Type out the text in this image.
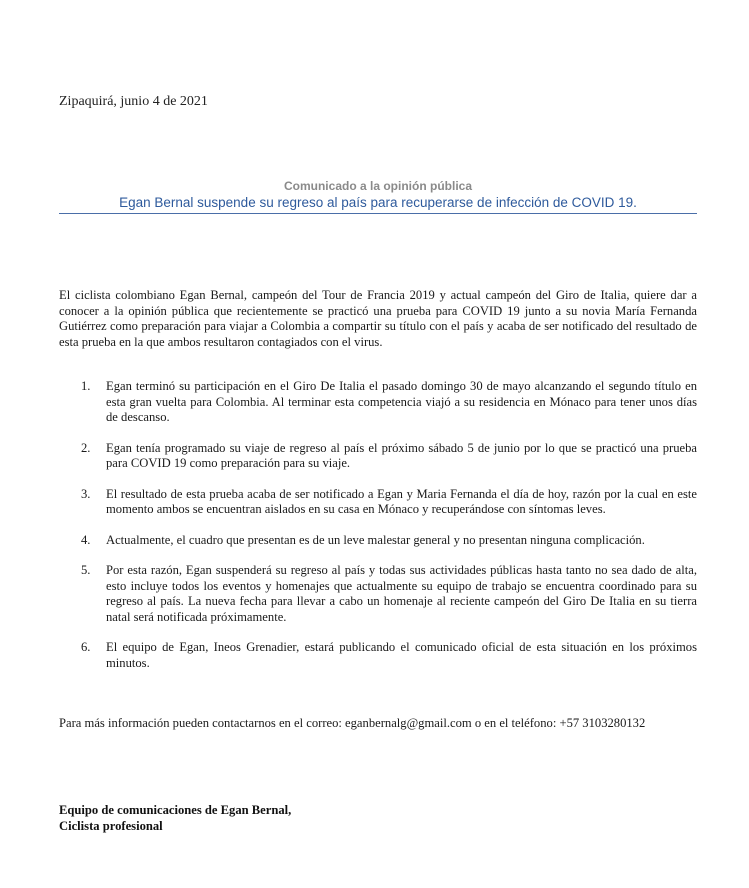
Zipaquirá, junio 4 de 2021
Comunicado a la opinión pública
Egan Bernal suspende su regreso al país para recuperarse de infección de COVID 19.
El ciclista colombiano Egan Bernal, campeón del Tour de Francia 2019 y actual campeón del Giro de Italia, quiere dar a conocer a la opinión pública que recientemente se practicó una prueba para COVID 19 junto a su novia María Fernanda Gutiérrez como preparación para viajar a Colombia a compartir su título con el país y acaba de ser notificado del resultado de esta prueba en la que ambos resultaron contagiados con el virus.
1. Egan terminó su participación en el Giro De Italia el pasado domingo 30 de mayo alcanzando el segundo título en esta gran vuelta para Colombia. Al terminar esta competencia viajó a su residencia en Mónaco para tener unos días de descanso.
2. Egan tenía programado su viaje de regreso al país el próximo sábado 5 de junio por lo que se practicó una prueba para COVID 19 como preparación para su viaje.
3. El resultado de esta prueba acaba de ser notificado a Egan y Maria Fernanda el día de hoy, razón por la cual en este momento ambos se encuentran aislados en su casa en Mónaco y recuperándose con síntomas leves.
4. Actualmente, el cuadro que presentan es de un leve malestar general y no presentan ninguna complicación.
5. Por esta razón, Egan suspenderá su regreso al país y todas sus actividades públicas hasta tanto no sea dado de alta, esto incluye todos los eventos y homenajes que actualmente su equipo de trabajo se encuentra coordinado para su regreso al país. La nueva fecha para llevar a cabo un homenaje al reciente campeón del Giro De Italia en su tierra natal será notificada próximamente.
6. El equipo de Egan, Ineos Grenadier, estará publicando el comunicado oficial de esta situación en los próximos minutos.
Para más información pueden contactarnos en el correo: eganbernalg@gmail.com o en el teléfono: +57 3103280132
Equipo de comunicaciones de Egan Bernal,
Ciclista profesional
